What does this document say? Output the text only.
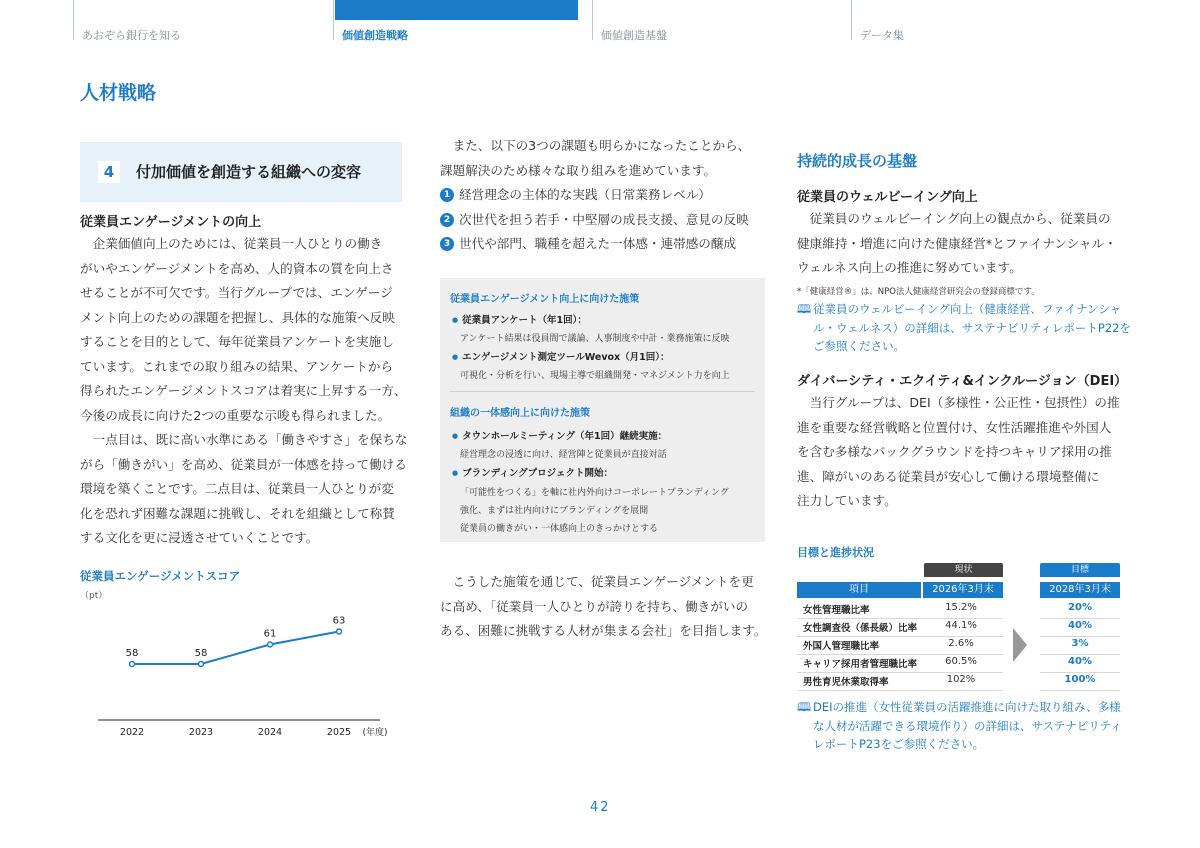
あおぞら銀行を知る	価値創造戦略	価値創造基盤	データ集
人材戦略
4	付加価値を創造する組織への変容
従業員エンゲージメントの向上
企業価値向上のためには、従業員一人ひとりの働き
がいやエンゲージメントを高め、人的資本の質を向上さ
せることが不可欠です。当行グループでは、エンゲージ
メント向上のための課題を把握し、具体的な施策へ反映
することを目的として、毎年従業員アンケートを実施し
ています。これまでの取り組みの結果、アンケートから
得られたエンゲージメントスコアは着実に上昇する一方、
今後の成長に向けた2つの重要な示唆も得られました。
一点目は、既に高い水準にある「働きやすさ」を保ちな
がら「働きがい」を高め、従業員が一体感を持って働ける
環境を築くことです。二点目は、従業員一人ひとりが変
化を恐れず困難な課題に挑戦し、それを組織として称賛
する文化を更に浸透させていくことです。
従業員エンゲージメントスコア
（pt）
58
2022
58
2023
61
2024
63
2025 (年度)
また、以下の3つの課題も明らかになったことから、
課題解決のため様々な取り組みを進めています。
1 経営理念の主体的な実践（日常業務レベル）
2 次世代を担う若手・中堅層の成長支援、意見の反映
3 世代や部門、職種を超えた一体感・連帯感の醸成
従業員エンゲージメント向上に向けた施策
● 従業員アンケート（年1回）：
アンケート結果は役員間で議論、人事制度や中計・業務施策に反映
● エンゲージメント測定ツールWevox（月1回）：
可視化・分析を行い、現場主導で組織開発・マネジメント力を向上
組織の一体感向上に向けた施策
● タウンホールミーティング（年1回）継続実施：
経営理念の浸透に向け、経営陣と従業員が直接対話
● ブランディングプロジェクト開始：
「可能性をつくる」を軸に社内外向けコーポレートブランディング
強化、まずは社内向けにブランディングを展開
従業員の働きがい・一体感向上のきっかけとする
こうした施策を通じて、従業員エンゲージメントを更
に高め、「従業員一人ひとりが誇りを持ち、働きがいの
ある、困難に挑戦する人材が集まる会社」を目指します。
持続的成長の基盤
従業員のウェルビーイング向上
従業員のウェルビーイング向上の観点から、従業員の
健康維持・増進に向けた健康経営*とファイナンシャル・
ウェルネス向上の推進に努めています。
*「健康経営®」は、NPO法人健康経営研究会の登録商標です。
🕮 従業員のウェルビーイング向上（健康経営、ファイナンシャ
ル・ウェルネス）の詳細は、サステナビリティレポートP22を
ご参照ください。
ダイバーシティ・エクイティ&インクルージョン（DEI）
当行グループは、DEI（多様性・公正性・包摂性）の推
進を重要な経営戦略と位置付け、女性活躍推進や外国人
を含む多様なバックグラウンドを持つキャリア採用の推
進、障がいのある従業員が安心して働ける環境整備に
注力しています。
目標と進捗状況
現状	目標
項目	2026年3月末	2028年3月末
女性管理職比率	15.2%	20%
女性調査役（係長級）比率	44.1%	40%
外国人管理職比率	2.6%	3%
キャリア採用者管理職比率	60.5%	40%
男性育児休業取得率	102%	100%
🕮 DEIの推進（女性従業員の活躍推進に向けた取り組み、多様
な人材が活躍できる環境作り）の詳細は、サステナビリティ
レポートP23をご参照ください。
42
